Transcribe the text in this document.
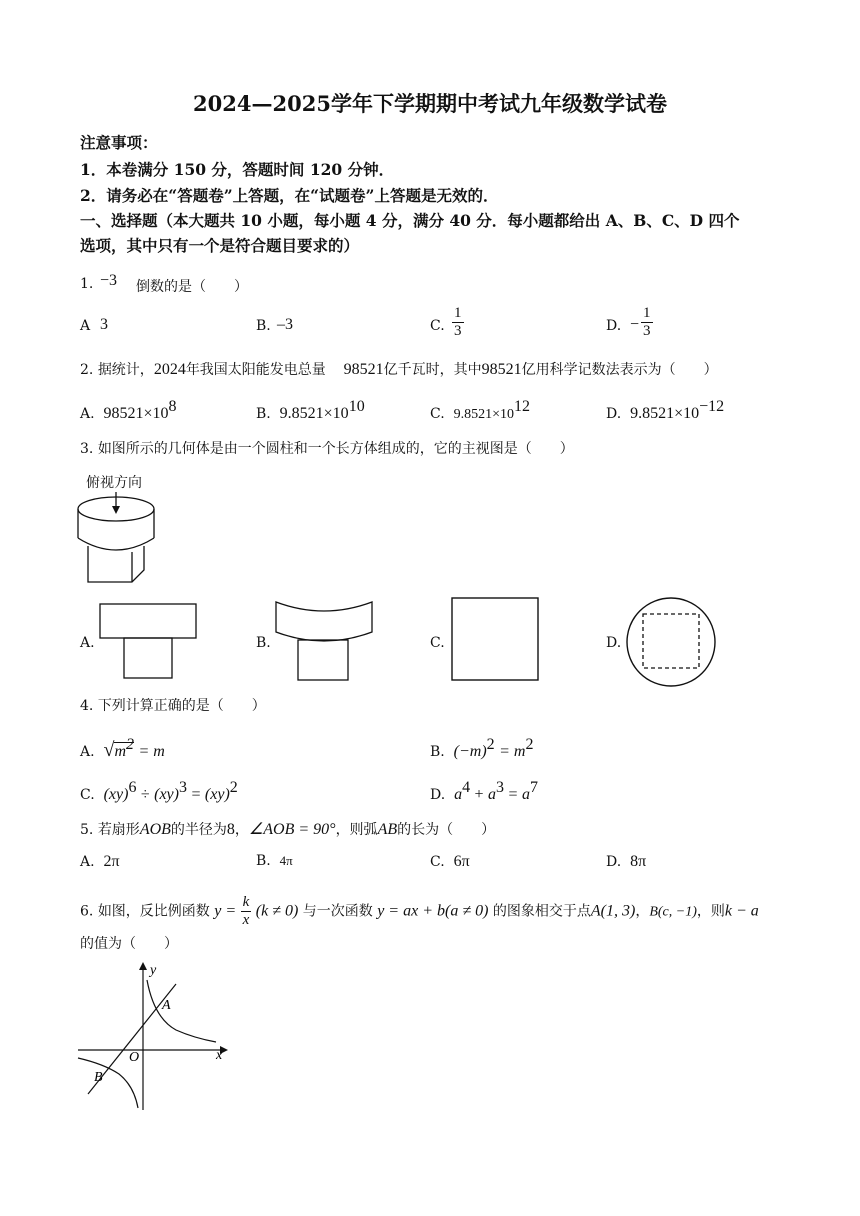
2024—2025学年下学期期中考试九年级数学试卷
注意事项：
1．本卷满分 150 分，答题时间 120 分钟．
2．请务必在“答题卷”上答题，在“试题卷”上答题是无效的．
一、选择题（本大题共 10 小题，每小题 4 分，满分 40 分．每小题都给出 A、B、C、D 四个
选项，其中只有一个是符合题目要求的）
1. −3 倒数的是（　　）
A 3	B. –3	C. $\frac{1}{3}$	D. − $\frac{1}{3}$
2. 据统计，2024年我国太阳能发电总量 98521亿千瓦时，其中98521亿用科学记数法表示为（　　）
A. $98521\times 10^8$	B. $9.8521\times 10^{10}$	C. $9.8521\times 10^{12}$	D. $9.8521\times 10^{-12}$
3. 如图所示的几何体是由一个圆柱和一个长方体组成的，它的主视图是（　　）
俯视方向
A.	B.	C.	D.
4. 下列计算正确的是（　　）
A. $√m^2 = m$	B. $(-m)^2 = m^2$
C. (xy)$^6$ ÷ (xy)$^3$ = (xy)$^2$	D. $a^4 + a^3 = a^7$
5. 若扇形AOB的半径为8，∠AOB = 90°，则弧AB的长为（　　）
A. 2π	B. 4π	C. 6π	D. 8π
6. 如图，反比例函数 $y = \frac{k}{x} (k \ne 0)$ 与一次函数 y = ax + b(a ≠ 0) 的图象相交于点A(1, 3)，B(c, −1)，则k − a
的值为（　　）
y
x
O
A
B
